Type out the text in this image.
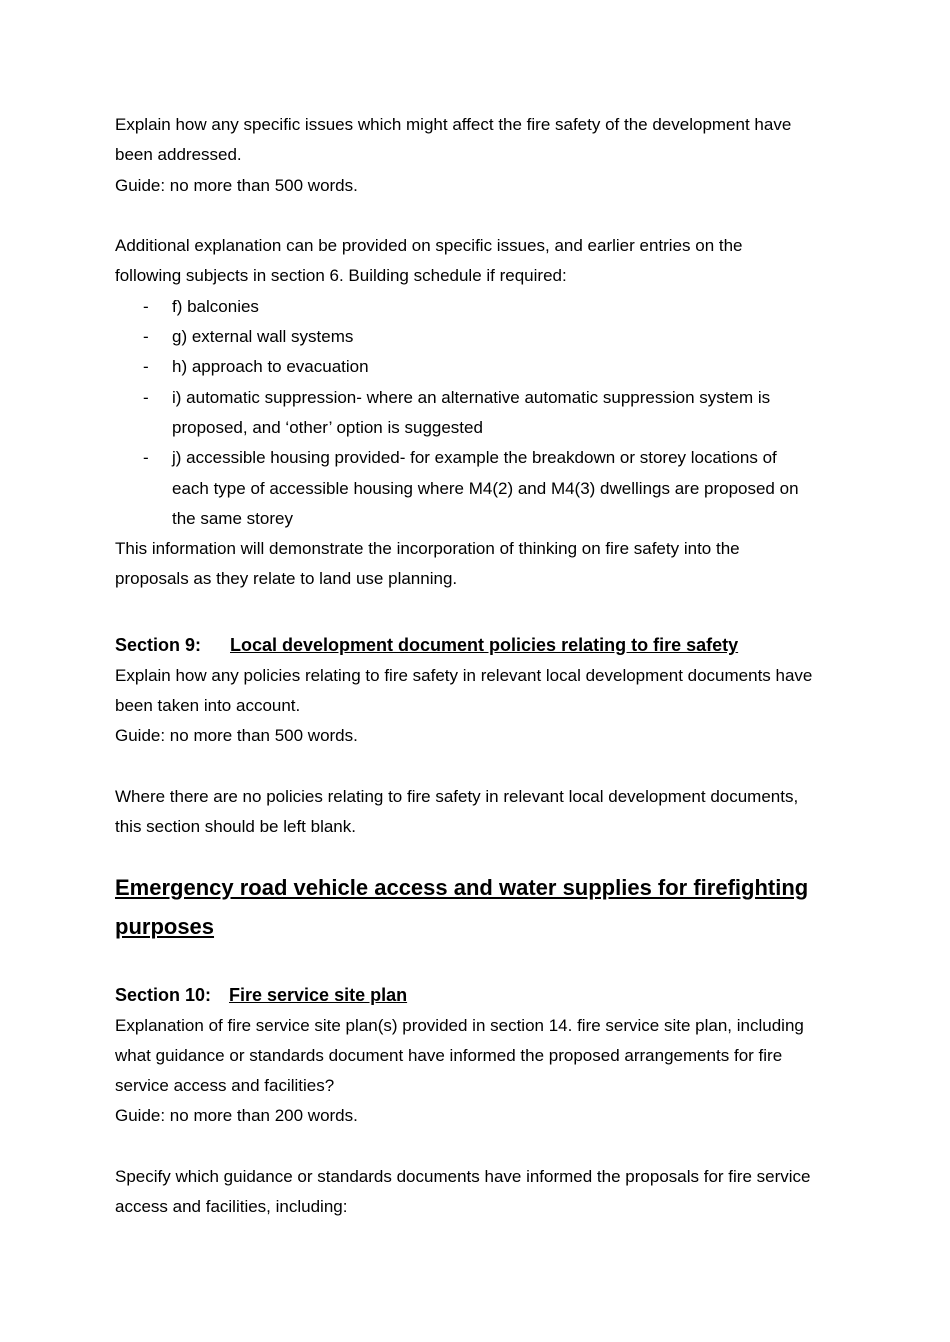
Explain how any specific issues which might affect the fire safety of the development have
been addressed.

Guide: no more than 500 words.

Additional explanation can be provided on specific issues, and earlier entries on the
following subjects in section 6. Building schedule if required:

- f) balconies
- g) external wall systems
- h) approach to evacuation
- i) automatic suppression- where an alternative automatic suppression system is
proposed, and ‘other’ option is suggested
- j) accessible housing provided- for example the breakdown or storey locations of
each type of accessible housing where M4(2) and M4(3) dwellings are proposed on
the same storey

This information will demonstrate the incorporation of thinking on fire safety into the
proposals as they relate to land use planning.

Section 9: Local development document policies relating to fire safety

Explain how any policies relating to fire safety in relevant local development documents have
been taken into account.

Guide: no more than 500 words.

Where there are no policies relating to fire safety in relevant local development documents,
this section should be left blank.

Emergency road vehicle access and water supplies for firefighting
purposes
Section 10: Fire service site plan

Explanation of fire service site plan(s) provided in section 14. fire service site plan, including
what guidance or standards document have informed the proposed arrangements for fire
service access and facilities?

Guide: no more than 200 words.

Specify which guidance or standards documents have informed the proposals for fire service
access and facilities, including:
